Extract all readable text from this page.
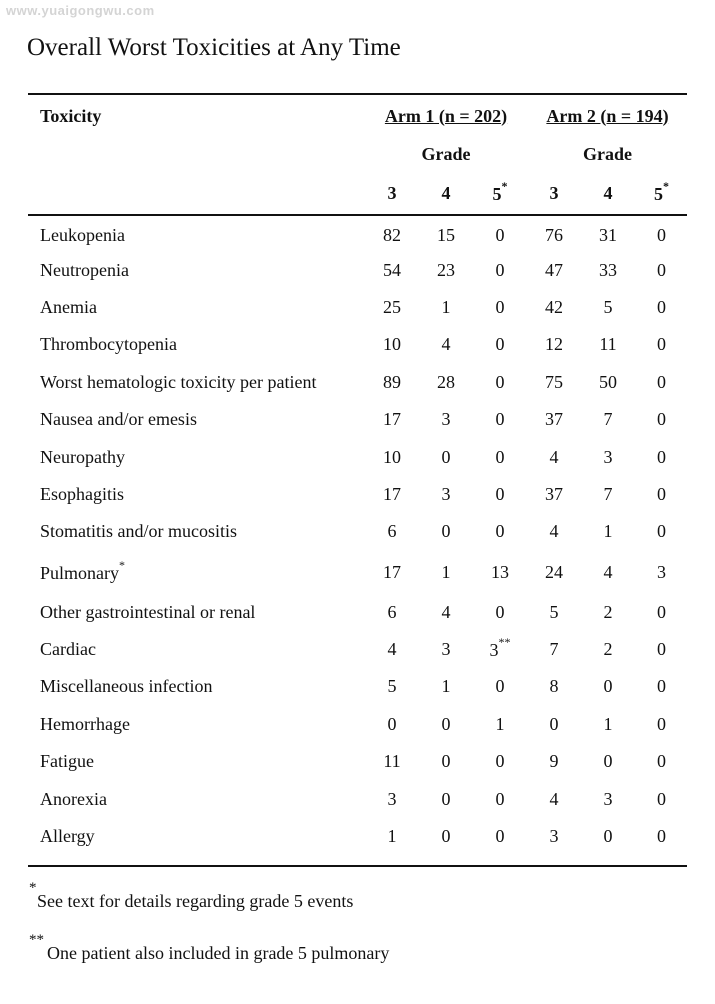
www.yuaigongwu.com
Overall Worst Toxicities at Any Time
Toxicity	Arm 1 (n = 202)			Arm 2 (n = 194)		
	Grade			Grade		
	3	4	5*	3	4	5*
Leukopenia	82	15	0	76	31	0
Neutropenia	54	23	0	47	33	0
Anemia	25	1	0	42	5	0
Thrombocytopenia	10	4	0	12	11	0
Worst hematologic toxicity per patient	89	28	0	75	50	0
Nausea and/or emesis	17	3	0	37	7	0
Neuropathy	10	0	0	4	3	0
Esophagitis	17	3	0	37	7	0
Stomatitis and/or mucositis	6	0	0	4	1	0
Pulmonary*	17	1	13	24	4	3
Other gastrointestinal or renal	6	4	0	5	2	0
Cardiac	4	3	3**	7	2	0
Miscellaneous infection	5	1	0	8	0	0
Hemorrhage	0	0	1	0	1	0
Fatigue	11	0	0	9	0	0
Anorexia	3	0	0	4	3	0
Allergy	1	0	0	3	0	0
*
See text for details regarding grade 5 events
**
One patient also included in grade 5 pulmonary
